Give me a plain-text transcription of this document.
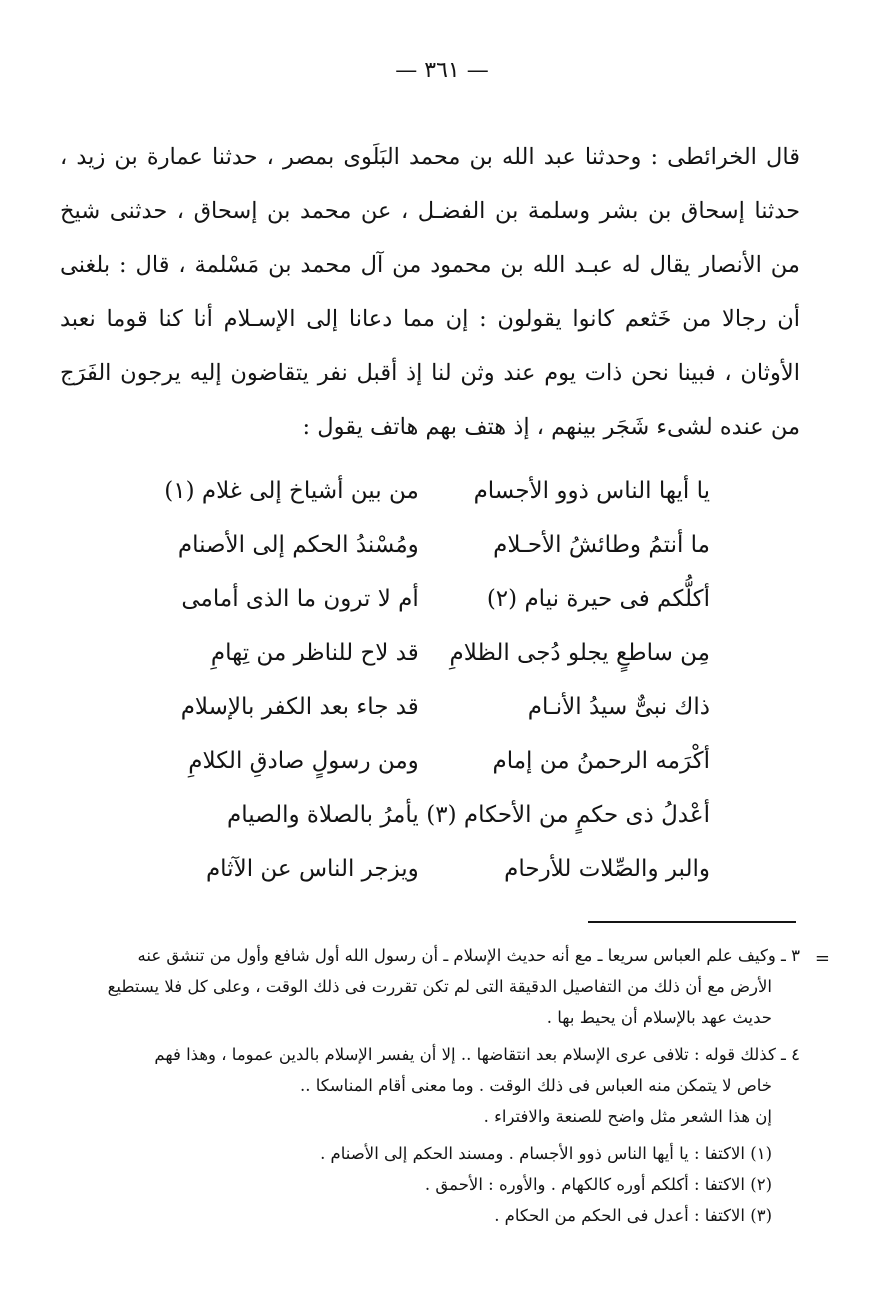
— ٣٦١ —

قال الخرائطى : وحدثنا عبد الله بن محمد البَلَوى بمصر ، حدثنا عمارة بن زيد ، حدثنا إسحاق بن بشر وسلمة بن الفضـل ، عن محمد بن إسحاق ، حدثنى شيخ من الأنصار يقال له عبـد الله بن محمود من آل محمد بن مَسْلمة ، قال : بلغنى أن رجالا من خَثعم كانوا يقولون : إن مما دعانا إلى الإسـلام أنا كنا قوما نعبد الأوثان ، فبينا نحن ذات يوم عند وثن لنا إذ أقبل نفر يتقاضون إليه يرجون الفَرَج من عنده لشىء شَجَر بينهم ، إذ هتف بهم هاتف يقول :

يا أيها الناس ذوو الأجسام
من بين أشياخ إلى غلام (١)
ما أنتمُ وطائشُ الأحـلام
ومُسْندُ الحكم إلى الأصنام
أكلُّكم فى حيرة نيام (٢)
أم لا ترون ما الذى أمامى
مِن ساطعٍ يجلو دُجى الظلامِ
قد لاح للناظر من تِهامِ
ذاك نبىٌّ سيدُ الأنـام
قد جاء بعد الكفر بالإسلام
أكْرَمه الرحمنُ من إمام
ومن رسولٍ صادقِ الكلامِ
أعْدلُ ذى حكمٍ من الأحكام (٣)
يأمرُ بالصلاة والصيام
والبر والصِّلات للأرحام
ويزجر الناس عن الآثام
=

٣ ـ وكيف علم العباس سريعا ـ مع أنه حديث الإسلام ـ أن رسول الله أول شافع وأول من تنشق عنه

الأرض مع أن ذلك من التفاصيل الدقيقة التى لم تكن تقررت فى ذلك الوقت ، وعلى كل فلا يستطيع

حديث عهد بالإسلام أن يحيط بها .

٤ ـ كذلك قوله : تلافى عرى الإسلام بعد انتقاضها .. إلا أن يفسر الإسلام بالدين عموما ، وهذا فهم

خاص لا يتمكن منه العباس فى ذلك الوقت . وما معنى أقام المناسكا ..

إن هذا الشعر مثل واضح للصنعة والافتراء .

(١) الاكتفا : يا أيها الناس ذوو الأجسام . ومسند الحكم إلى الأصنام .

(٢) الاكتفا : أكلكم أوره كالكهام . والأوره : الأحمق .

(٣) الاكتفا : أعدل فى الحكم من الحكام .
